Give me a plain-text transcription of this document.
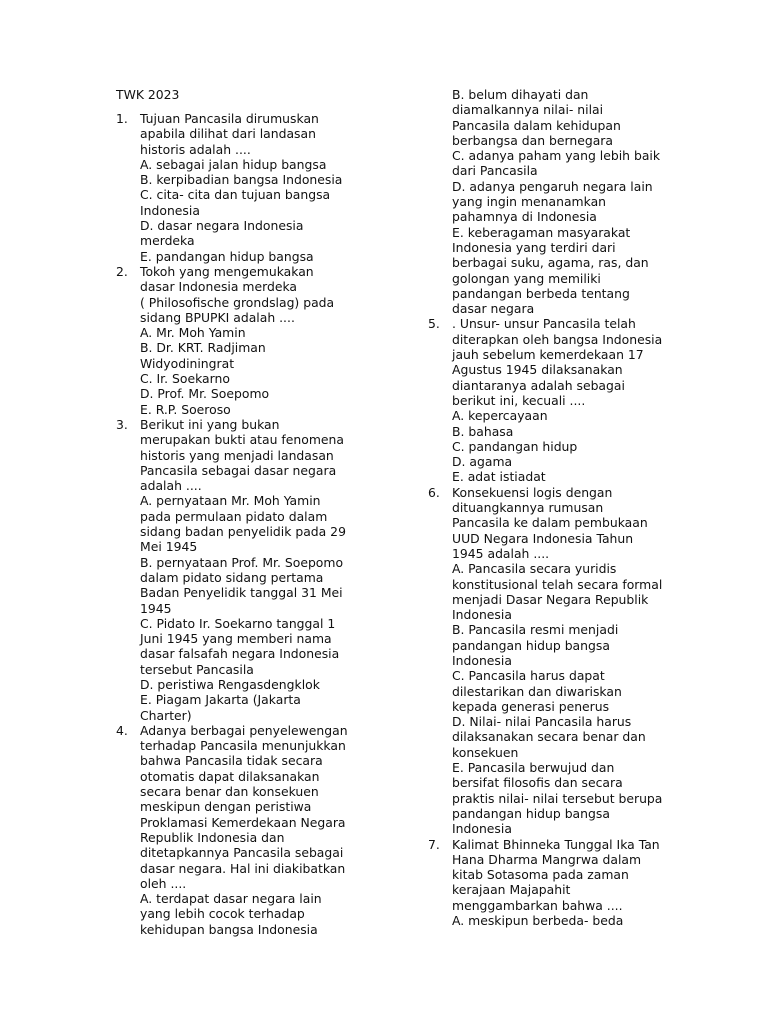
TWK 2023
1. Tujuan Pancasila dirumuskan
apabila dilihat dari landasan
historis adalah ....
A. sebagai jalan hidup bangsa
B. kerpibadian bangsa Indonesia
C. cita- cita dan tujuan bangsa
Indonesia
D. dasar negara Indonesia
merdeka
E. pandangan hidup bangsa
2. Tokoh yang mengemukakan
dasar Indonesia merdeka
( Philosofische grondslag) pada
sidang BPUPKI adalah ....
A. Mr. Moh Yamin
B. Dr. KRT. Radjiman
Widyodiningrat
C. Ir. Soekarno
D. Prof. Mr. Soepomo
E. R.P. Soeroso
3. Berikut ini yang bukan
merupakan bukti atau fenomena
historis yang menjadi landasan
Pancasila sebagai dasar negara
adalah ....
A. pernyataan Mr. Moh Yamin
pada permulaan pidato dalam
sidang badan penyelidik pada 29
Mei 1945
B. pernyataan Prof. Mr. Soepomo
dalam pidato sidang pertama
Badan Penyelidik tanggal 31 Mei
1945
C. Pidato Ir. Soekarno tanggal 1
Juni 1945 yang memberi nama
dasar falsafah negara Indonesia
tersebut Pancasila
D. peristiwa Rengasdengklok
E. Piagam Jakarta (Jakarta
Charter)
4. Adanya berbagai penyelewengan
terhadap Pancasila menunjukkan
bahwa Pancasila tidak secara
otomatis dapat dilaksanakan
secara benar dan konsekuen
meskipun dengan peristiwa
Proklamasi Kemerdekaan Negara
Republik Indonesia dan
ditetapkannya Pancasila sebagai
dasar negara. Hal ini diakibatkan
oleh ....
A. terdapat dasar negara lain
yang lebih cocok terhadap
kehidupan bangsa Indonesia
B. belum dihayati dan
diamalkannya nilai- nilai
Pancasila dalam kehidupan
berbangsa dan bernegara
C. adanya paham yang lebih baik
dari Pancasila
D. adanya pengaruh negara lain
yang ingin menanamkan
pahamnya di Indonesia
E. keberagaman masyarakat
Indonesia yang terdiri dari
berbagai suku, agama, ras, dan
golongan yang memiliki
pandangan berbeda tentang
dasar negara
5. . Unsur- unsur Pancasila telah
diterapkan oleh bangsa Indonesia
jauh sebelum kemerdekaan 17
Agustus 1945 dilaksanakan
diantaranya adalah sebagai
berikut ini, kecuali ....
A. kepercayaan
B. bahasa
C. pandangan hidup
D. agama
E. adat istiadat
6. Konsekuensi logis dengan
dituangkannya rumusan
Pancasila ke dalam pembukaan
UUD Negara Indonesia Tahun
1945 adalah ....
A. Pancasila secara yuridis
konstitusional telah secara formal
menjadi Dasar Negara Republik
Indonesia
B. Pancasila resmi menjadi
pandangan hidup bangsa
Indonesia
C. Pancasila harus dapat
dilestarikan dan diwariskan
kepada generasi penerus
D. Nilai- nilai Pancasila harus
dilaksanakan secara benar dan
konsekuen
E. Pancasila berwujud dan
bersifat filosofis dan secara
praktis nilai- nilai tersebut berupa
pandangan hidup bangsa
Indonesia
7. Kalimat Bhinneka Tunggal Ika Tan
Hana Dharma Mangrwa dalam
kitab Sotasoma pada zaman
kerajaan Majapahit
menggambarkan bahwa ....
A. meskipun berbeda- beda
